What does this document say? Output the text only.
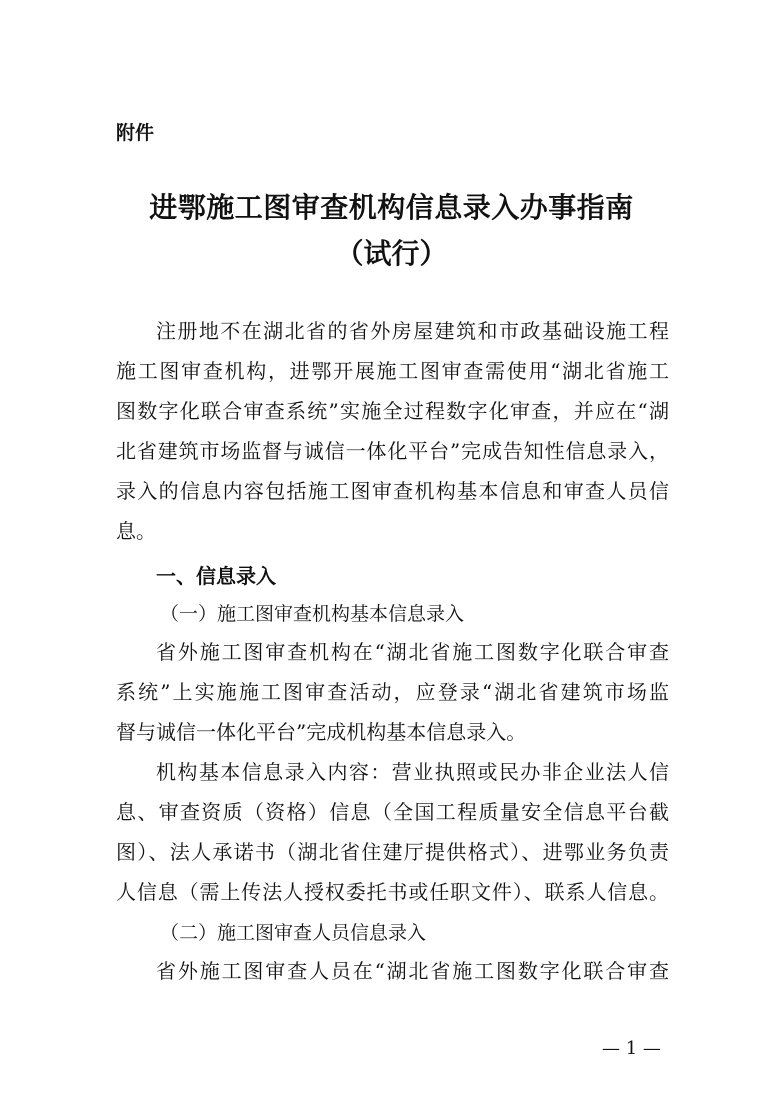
附件
进鄂施工图审查机构信息录入办事指南
（试行）
注册地不在湖北省的省外房屋建筑和市政基础设施工程
施工图审查机构，进鄂开展施工图审查需使用“湖北省施工
图数字化联合审查系统”实施全过程数字化审查，并应在“湖
北省建筑市场监督与诚信一体化平台”完成告知性信息录入，
录入的信息内容包括施工图审查机构基本信息和审查人员信
息。
一、信息录入
（一）施工图审查机构基本信息录入
省外施工图审查机构在“湖北省施工图数字化联合审查
系统”上实施施工图审查活动，应登录“湖北省建筑市场监
督与诚信一体化平台”完成机构基本信息录入。
机构基本信息录入内容：营业执照或民办非企业法人信
息、审查资质（资格）信息（全国工程质量安全信息平台截
图）、法人承诺书（湖北省住建厅提供格式）、进鄂业务负责
人信息（需上传法人授权委托书或任职文件）、联系人信息。
（二）施工图审查人员信息录入
省外施工图审查人员在“湖北省施工图数字化联合审查
— 1 —
